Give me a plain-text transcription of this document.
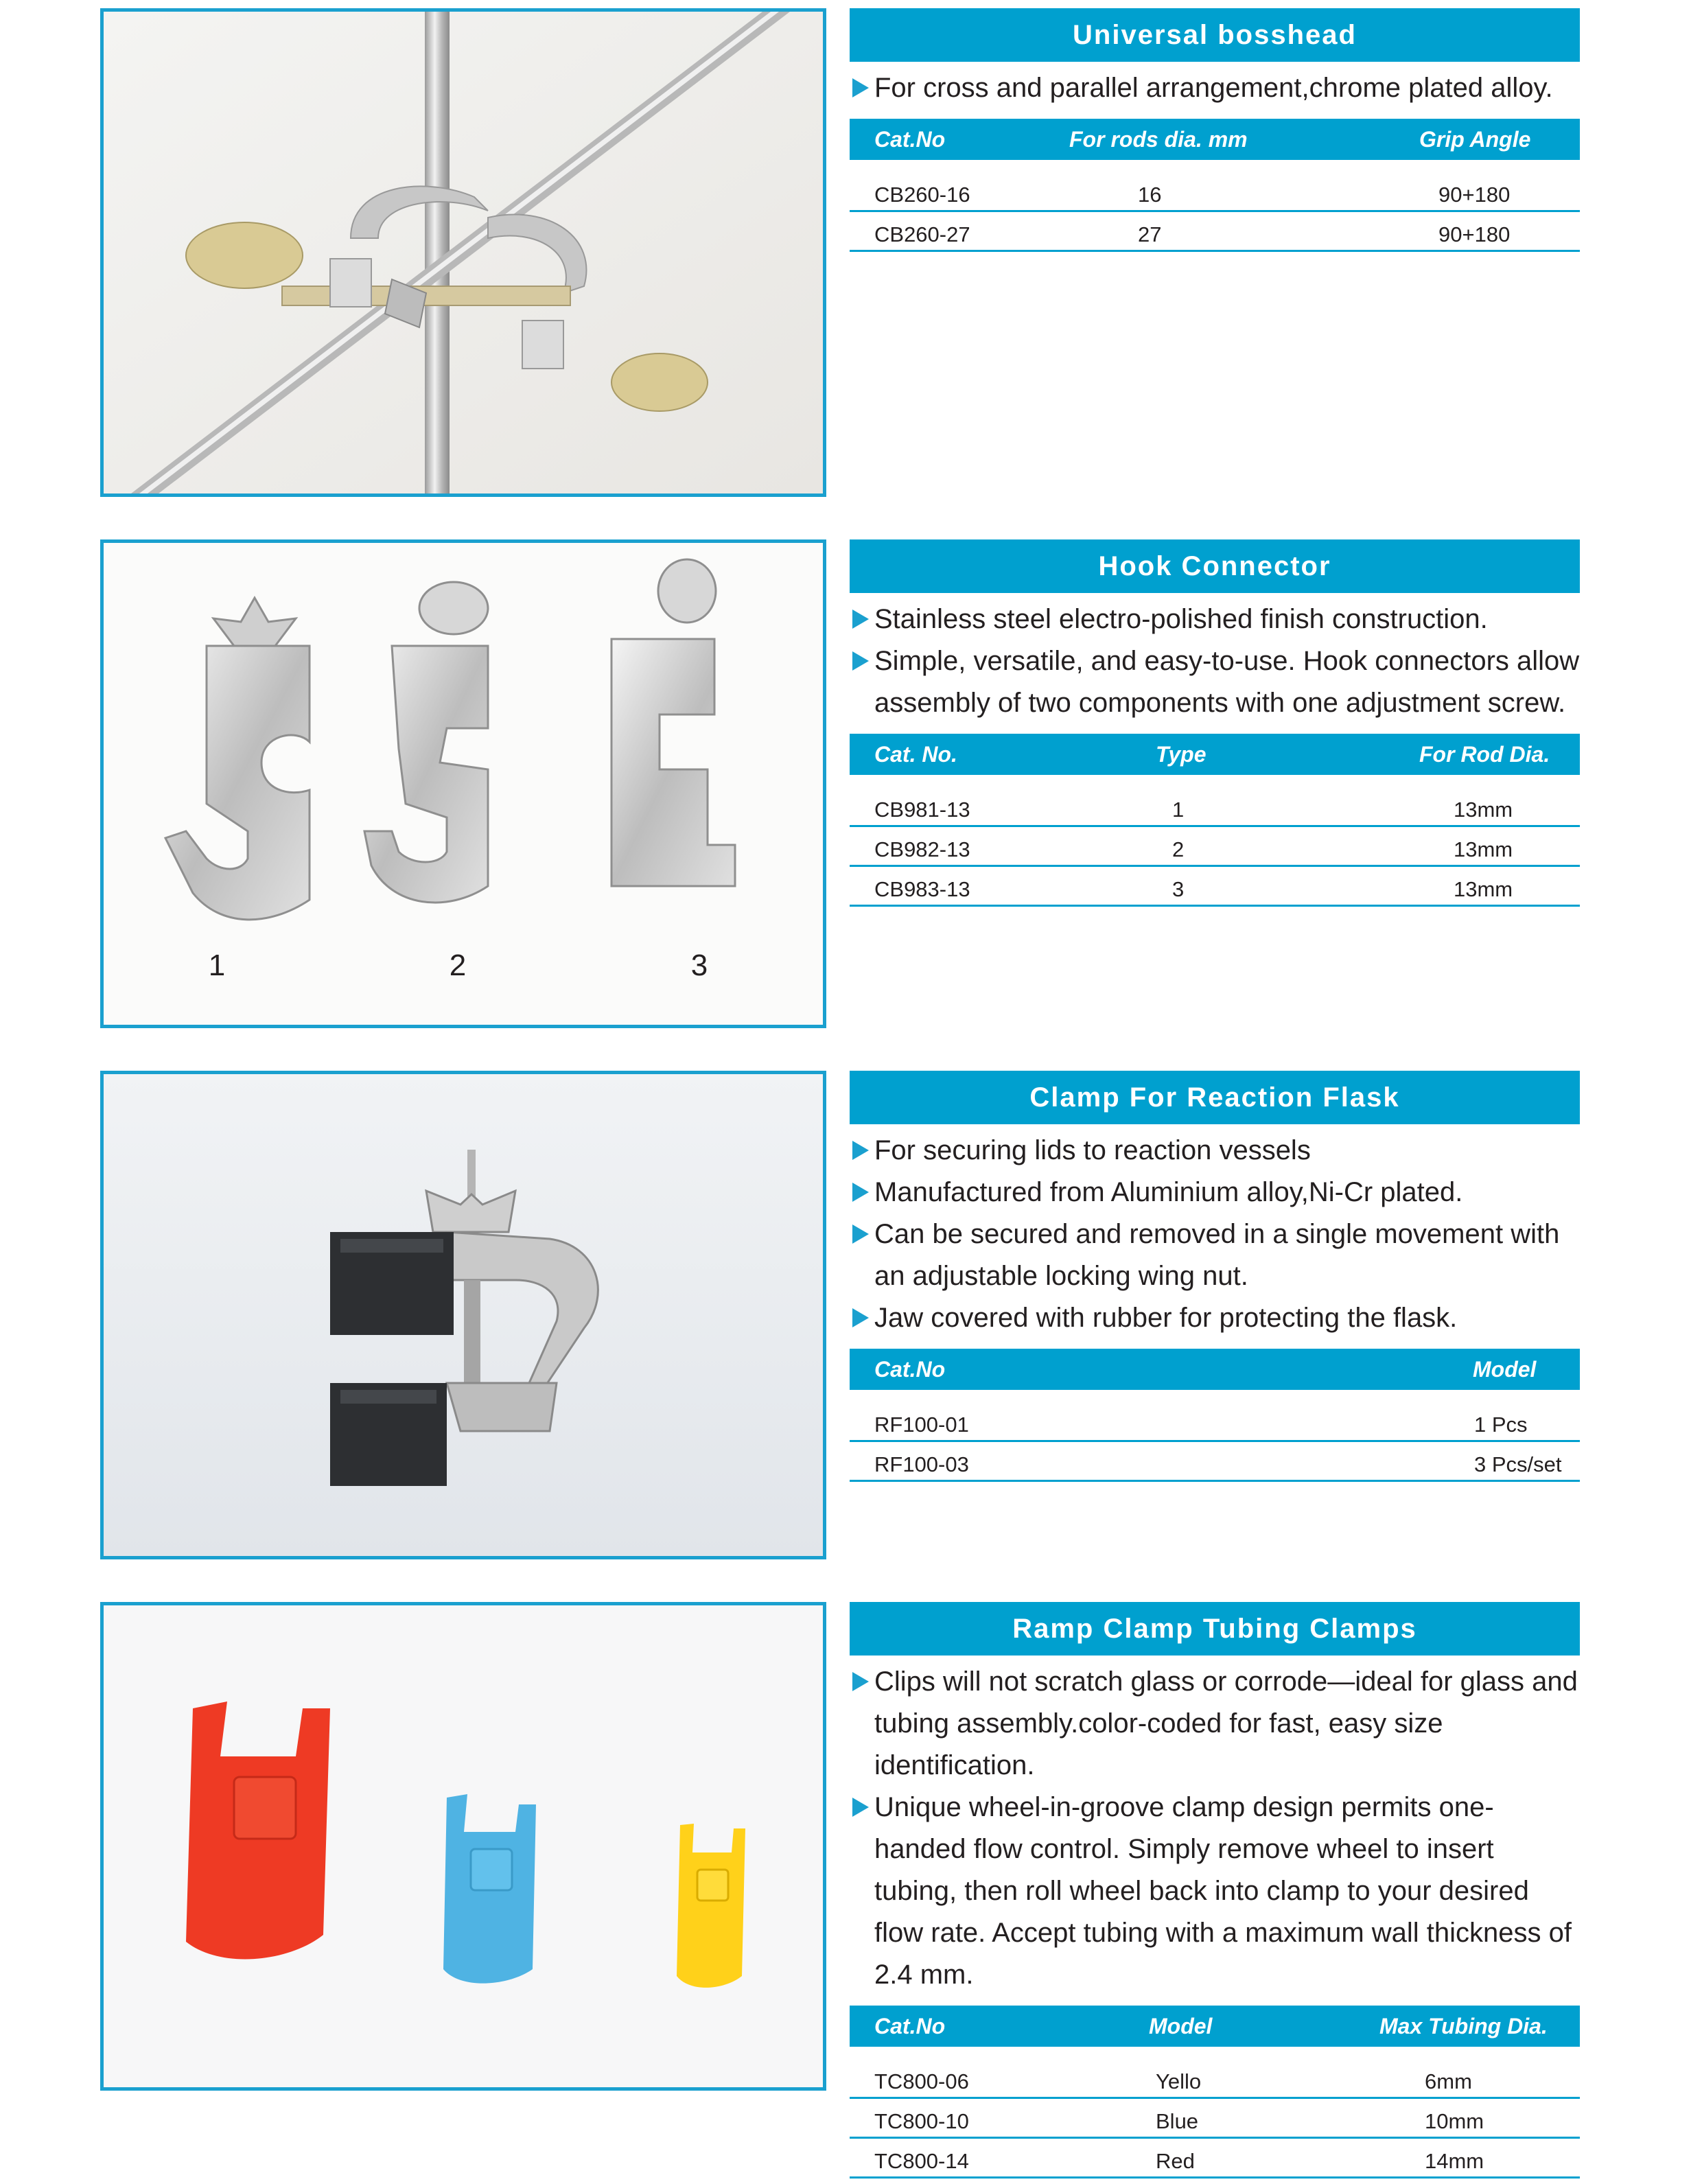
Universal bosshead
For cross and parallel arrangement,chrome plated alloy.
Cat.No	For rods dia. mm	Grip Angle
CB260-16	16	90+180
CB260-27	27	90+180
1	2	3
Hook Connector
Stainless steel electro-polished finish construction.
Simple, versatile, and easy-to-use. Hook connectors allow assembly of two components with one adjustment screw.
Cat. No.	Type	For Rod Dia.
CB981-13	1	13mm
CB982-13	2	13mm
CB983-13	3	13mm
Clamp For Reaction Flask
For securing lids to reaction vessels
Manufactured from Aluminium alloy,Ni-Cr plated.
Can be secured and removed in a single movement with an adjustable locking wing nut.
Jaw covered with rubber for protecting the flask.
Cat.No	Model
RF100-01	1 Pcs
RF100-03	3 Pcs/set
Ramp Clamp Tubing Clamps
Clips will not scratch glass or corrode—ideal for glass and tubing assembly.color-coded for fast, easy size identification.
Unique wheel-in-groove clamp design permits one-handed flow control. Simply remove wheel to insert tubing, then roll wheel back into clamp to your desired flow rate. Accept tubing with a maximum wall thickness of 2.4 mm.
Cat.No	Model	Max Tubing Dia.
TC800-06	Yello	6mm
TC800-10	Blue	10mm
TC800-14	Red	14mm
